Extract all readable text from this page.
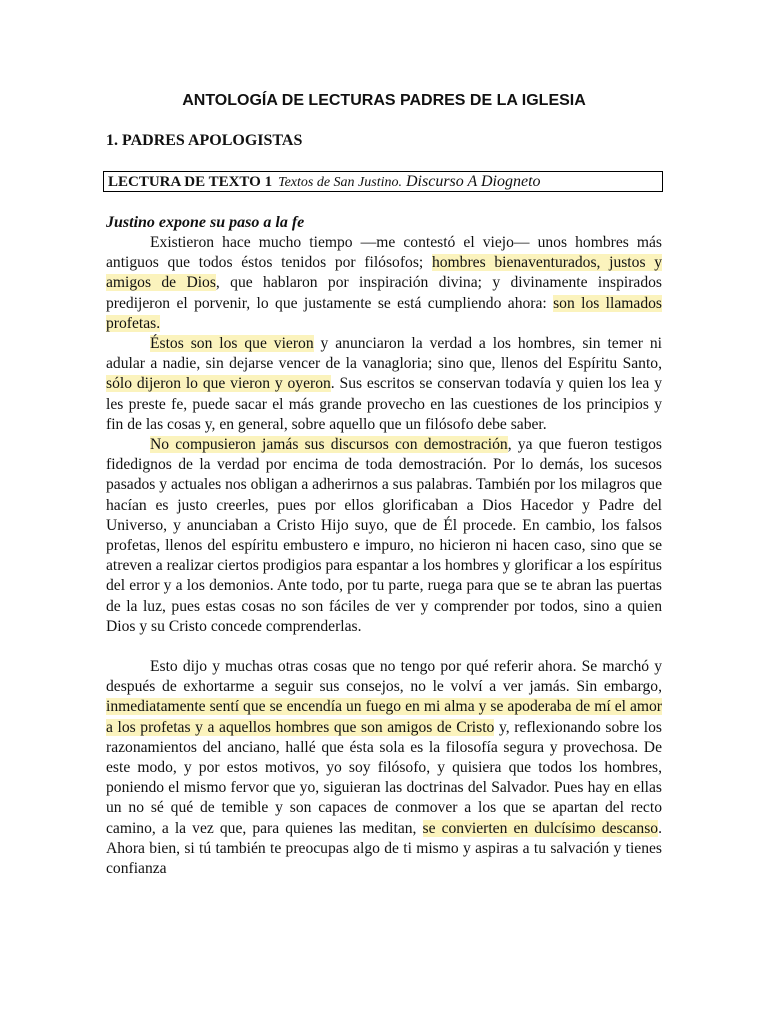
ANTOLOGÍA DE LECTURAS PADRES DE LA IGLESIA
1. PADRES APOLOGISTAS
LECTURA DE TEXTO 1 Textos de San Justino. Discurso A Diogneto
Justino expone su paso a la fe

Existieron hace mucho tiempo —me contestó el viejo— unos hombres más antiguos que todos éstos tenidos por filósofos; hombres bienaventurados, justos y amigos de Dios, que hablaron por inspiración divina; y divinamente inspirados predijeron el porvenir, lo que justamente se está cumpliendo ahora: son los llamados profetas.

Éstos son los que vieron y anunciaron la verdad a los hombres, sin temer ni adular a nadie, sin dejarse vencer de la vanagloria; sino que, llenos del Espíritu Santo, sólo dijeron lo que vieron y oyeron. Sus escritos se conservan todavía y quien los lea y les preste fe, puede sacar el más grande provecho en las cuestiones de los principios y fin de las cosas y, en general, sobre aquello que un filósofo debe saber.

No compusieron jamás sus discursos con demostración, ya que fueron testigos fidedignos de la verdad por encima de toda demostración. Por lo demás, los sucesos pasados y actuales nos obligan a adherirnos a sus palabras. También por los milagros que hacían es justo creerles, pues por ellos glorificaban a Dios Hacedor y Padre del Universo, y anunciaban a Cristo Hijo suyo, que de Él procede. En cambio, los falsos profetas, llenos del espíritu embustero e impuro, no hicieron ni hacen caso, sino que se atreven a realizar ciertos prodigios para espantar a los hombres y glorificar a los espíritus del error y a los demonios. Ante todo, por tu parte, ruega para que se te abran las puertas de la luz, pues estas cosas no son fáciles de ver y comprender por todos, sino a quien Dios y su Cristo concede comprenderlas.

Esto dijo y muchas otras cosas que no tengo por qué referir ahora. Se marchó y después de exhortarme a seguir sus consejos, no le volví a ver jamás. Sin embargo, inmediatamente sentí que se encendía un fuego en mi alma y se apoderaba de mí el amor a los profetas y a aquellos hombres que son amigos de Cristo y, reflexionando sobre los razonamientos del anciano, hallé que ésta sola es la filosofía segura y provechosa. De este modo, y por estos motivos, yo soy filósofo, y quisiera que todos los hombres, poniendo el mismo fervor que yo, siguieran las doctrinas del Salvador. Pues hay en ellas un no sé qué de temible y son capaces de conmover a los que se apartan del recto camino, a la vez que, para quienes las meditan, se convierten en dulcísimo descanso. Ahora bien, si tú también te preocupas algo de ti mismo y aspiras a tu salvación y tienes confianza
